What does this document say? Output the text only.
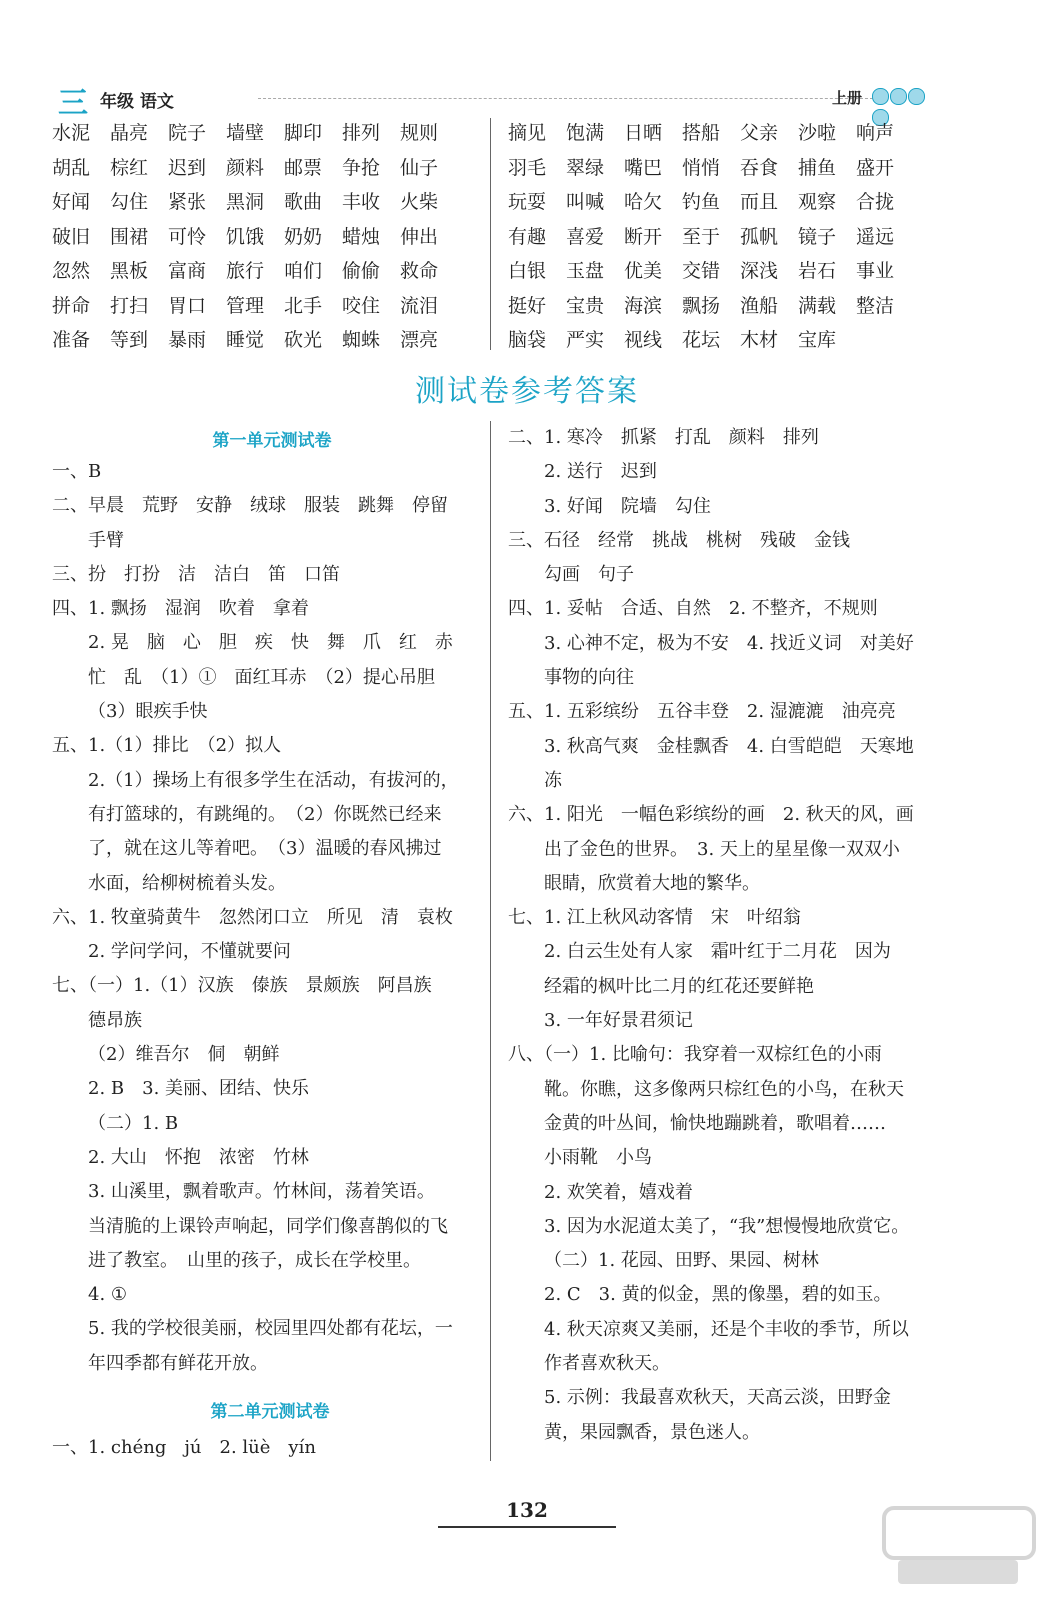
三 年级 语文	上册
水泥 晶亮 院子 墙壁 脚印 排列 规则
胡乱 棕红 迟到 颜料 邮票 争抢 仙子
好闻 勾住 紧张 黑洞 歌曲 丰收 火柴
破旧 围裙 可怜 饥饿 奶奶 蜡烛 伸出
忽然 黑板 富商 旅行 咱们 偷偷 救命
拼命 打扫 胃口 管理 北手 咬住 流泪
准备 等到 暴雨 睡觉 砍光 蜘蛛 漂亮
摘见 饱满 日晒 搭船 父亲 沙啦 响声
羽毛 翠绿 嘴巴 悄悄 吞食 捕鱼 盛开
玩耍 叫喊 哈欠 钓鱼 而且 观察 合拢
有趣 喜爱 断开 至于 孤帆 镜子 遥远
白银 玉盘 优美 交错 深浅 岩石 事业
挺好 宝贵 海滨 飘扬 渔船 满载 整洁
脑袋 严实 视线 花坛 木材 宝库
测试卷参考答案
第一单元测试卷
一、B
二、早晨　荒野　安静　绒球　服装　跳舞　停留
手臂
三、扮　打扮　洁　洁白　笛　口笛
四、1. 飘扬　湿润　吹着　拿着
2. 晃　脑　心　胆　疾　快　舞　爪　红　赤
忙　乱　（1）①　面红耳赤　（2）提心吊胆
（3）眼疾手快
五、1.（1）排比　（2）拟人
2.（1）操场上有很多学生在活动，有拔河的，
有打篮球的，有跳绳的。　（2）你既然已经来
了，就在这儿等着吧。　（3）温暖的春风拂过
水面，给柳树梳着头发。
六、1. 牧童骑黄牛　忽然闭口立　所见　清　袁枚
2. 学问学问，不懂就要问
七、（一）1.（1）汉族　傣族　景颇族　阿昌族
德昂族
（2）维吾尔　侗　朝鲜
2. B　3. 美丽、团结、快乐
（二）1. B
2. 大山　怀抱　浓密　竹林
3. 山溪里，飘着歌声。竹林间，荡着笑语。
当清脆的上课铃声响起，同学们像喜鹊似的飞
进了教室。　山里的孩子，成长在学校里。
4. ①
5. 我的学校很美丽，校园里四处都有花坛，一
年四季都有鲜花开放。
第二单元测试卷
一、1. chéng　jú　2. lüè　yín
二、1. 寒冷　抓紧　打乱　颜料　排列
2. 送行　迟到
3. 好闻　院墙　勾住
三、石径　经常　挑战　桃树　残破　金钱
勾画　句子
四、1. 妥帖　合适、自然　2. 不整齐，不规则
3. 心神不定，极为不安　4. 找近义词　对美好
事物的向往
五、1. 五彩缤纷　五谷丰登　2. 湿漉漉　油亮亮
3. 秋高气爽　金桂飘香　4. 白雪皑皑　天寒地
冻
六、1. 阳光　一幅色彩缤纷的画　2. 秋天的风，画
出了金色的世界。　3. 天上的星星像一双双小
眼睛，欣赏着大地的繁华。
七、1. 江上秋风动客情　宋　叶绍翁
2. 白云生处有人家　霜叶红于二月花　因为
经霜的枫叶比二月的红花还要鲜艳
3. 一年好景君须记
八、（一）1. 比喻句：我穿着一双棕红色的小雨
靴。你瞧，这多像两只棕红色的小鸟，在秋天
金黄的叶丛间，愉快地蹦跳着，歌唱着……
小雨靴　小鸟
2. 欢笑着，嬉戏着
3. 因为水泥道太美了，“我”想慢慢地欣赏它。
（二）1. 花园、田野、果园、树林
2. C　3. 黄的似金，黑的像墨，碧的如玉。
4. 秋天凉爽又美丽，还是个丰收的季节，所以
作者喜欢秋天。
5. 示例：我最喜欢秋天，天高云淡，田野金
黄，果园飘香，景色迷人。
132
